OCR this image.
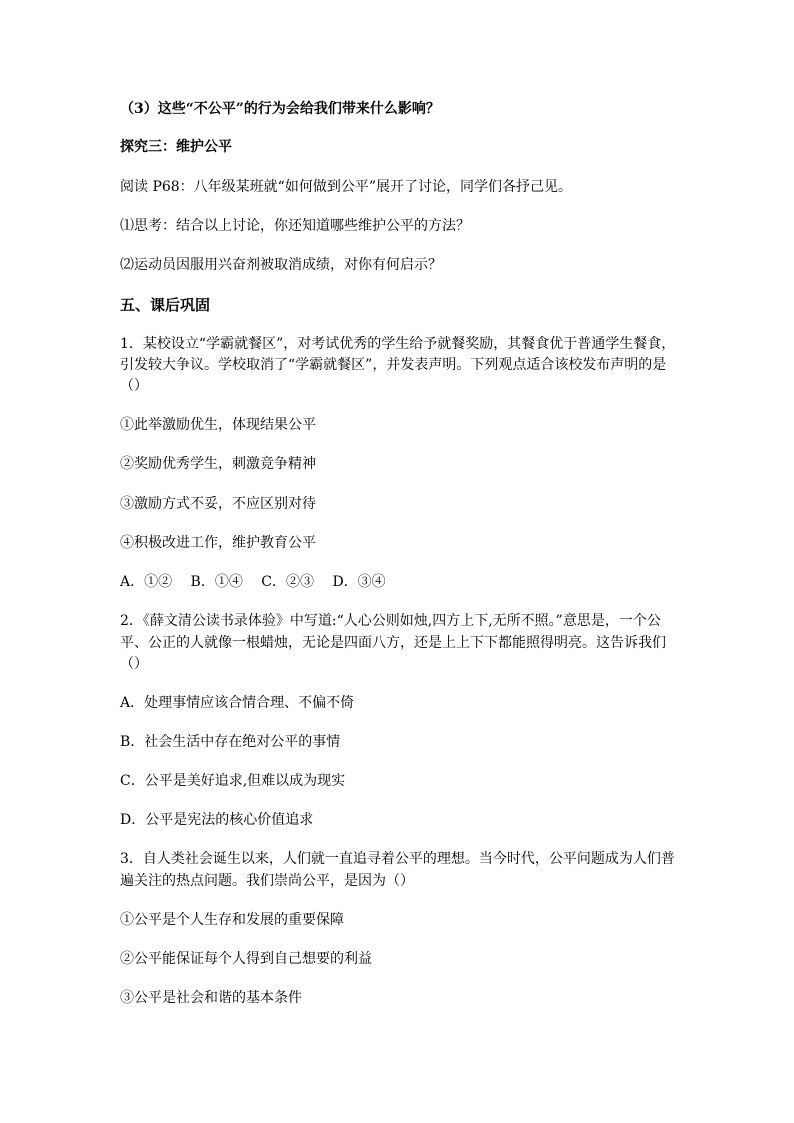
（3）这些“不公平”的行为会给我们带来什么影响？
探究三：维护公平
阅读 P68：八年级某班就“如何做到公平”展开了讨论，同学们各抒己见。
⑴思考：结合以上讨论，你还知道哪些维护公平的方法？
⑵运动员因服用兴奋剂被取消成绩，对你有何启示？
五、课后巩固
1．某校设立“学霸就餐区”，对考试优秀的学生给予就餐奖励，其餐食优于普通学生餐食，
引发较大争议。学校取消了“学霸就餐区”，并发表声明。下列观点适合该校发布声明的是
（）
①此举激励优生，体现结果公平
②奖励优秀学生，刺激竞争精神
③激励方式不妥，不应区别对待
④积极改进工作，维护教育公平
A．①②　 B．①④　 C．②③　 D．③④
2．《薛文清公读书录体验》中写道:“人心公则如烛,四方上下,无所不照。”意思是，一个公
平、公正的人就像一根蜡烛，无论是四面八方，还是上上下下都能照得明亮。这告诉我们
（）
A．处理事情应该合情合理、不偏不倚
B．社会生活中存在绝对公平的事情
C．公平是美好追求,但难以成为现实
D．公平是宪法的核心价值追求
3．自人类社会诞生以来，人们就一直追寻着公平的理想。当今时代，公平问题成为人们普
遍关注的热点问题。我们崇尚公平，是因为（）
①公平是个人生存和发展的重要保障
②公平能保证每个人得到自己想要的利益
③公平是社会和谐的基本条件
